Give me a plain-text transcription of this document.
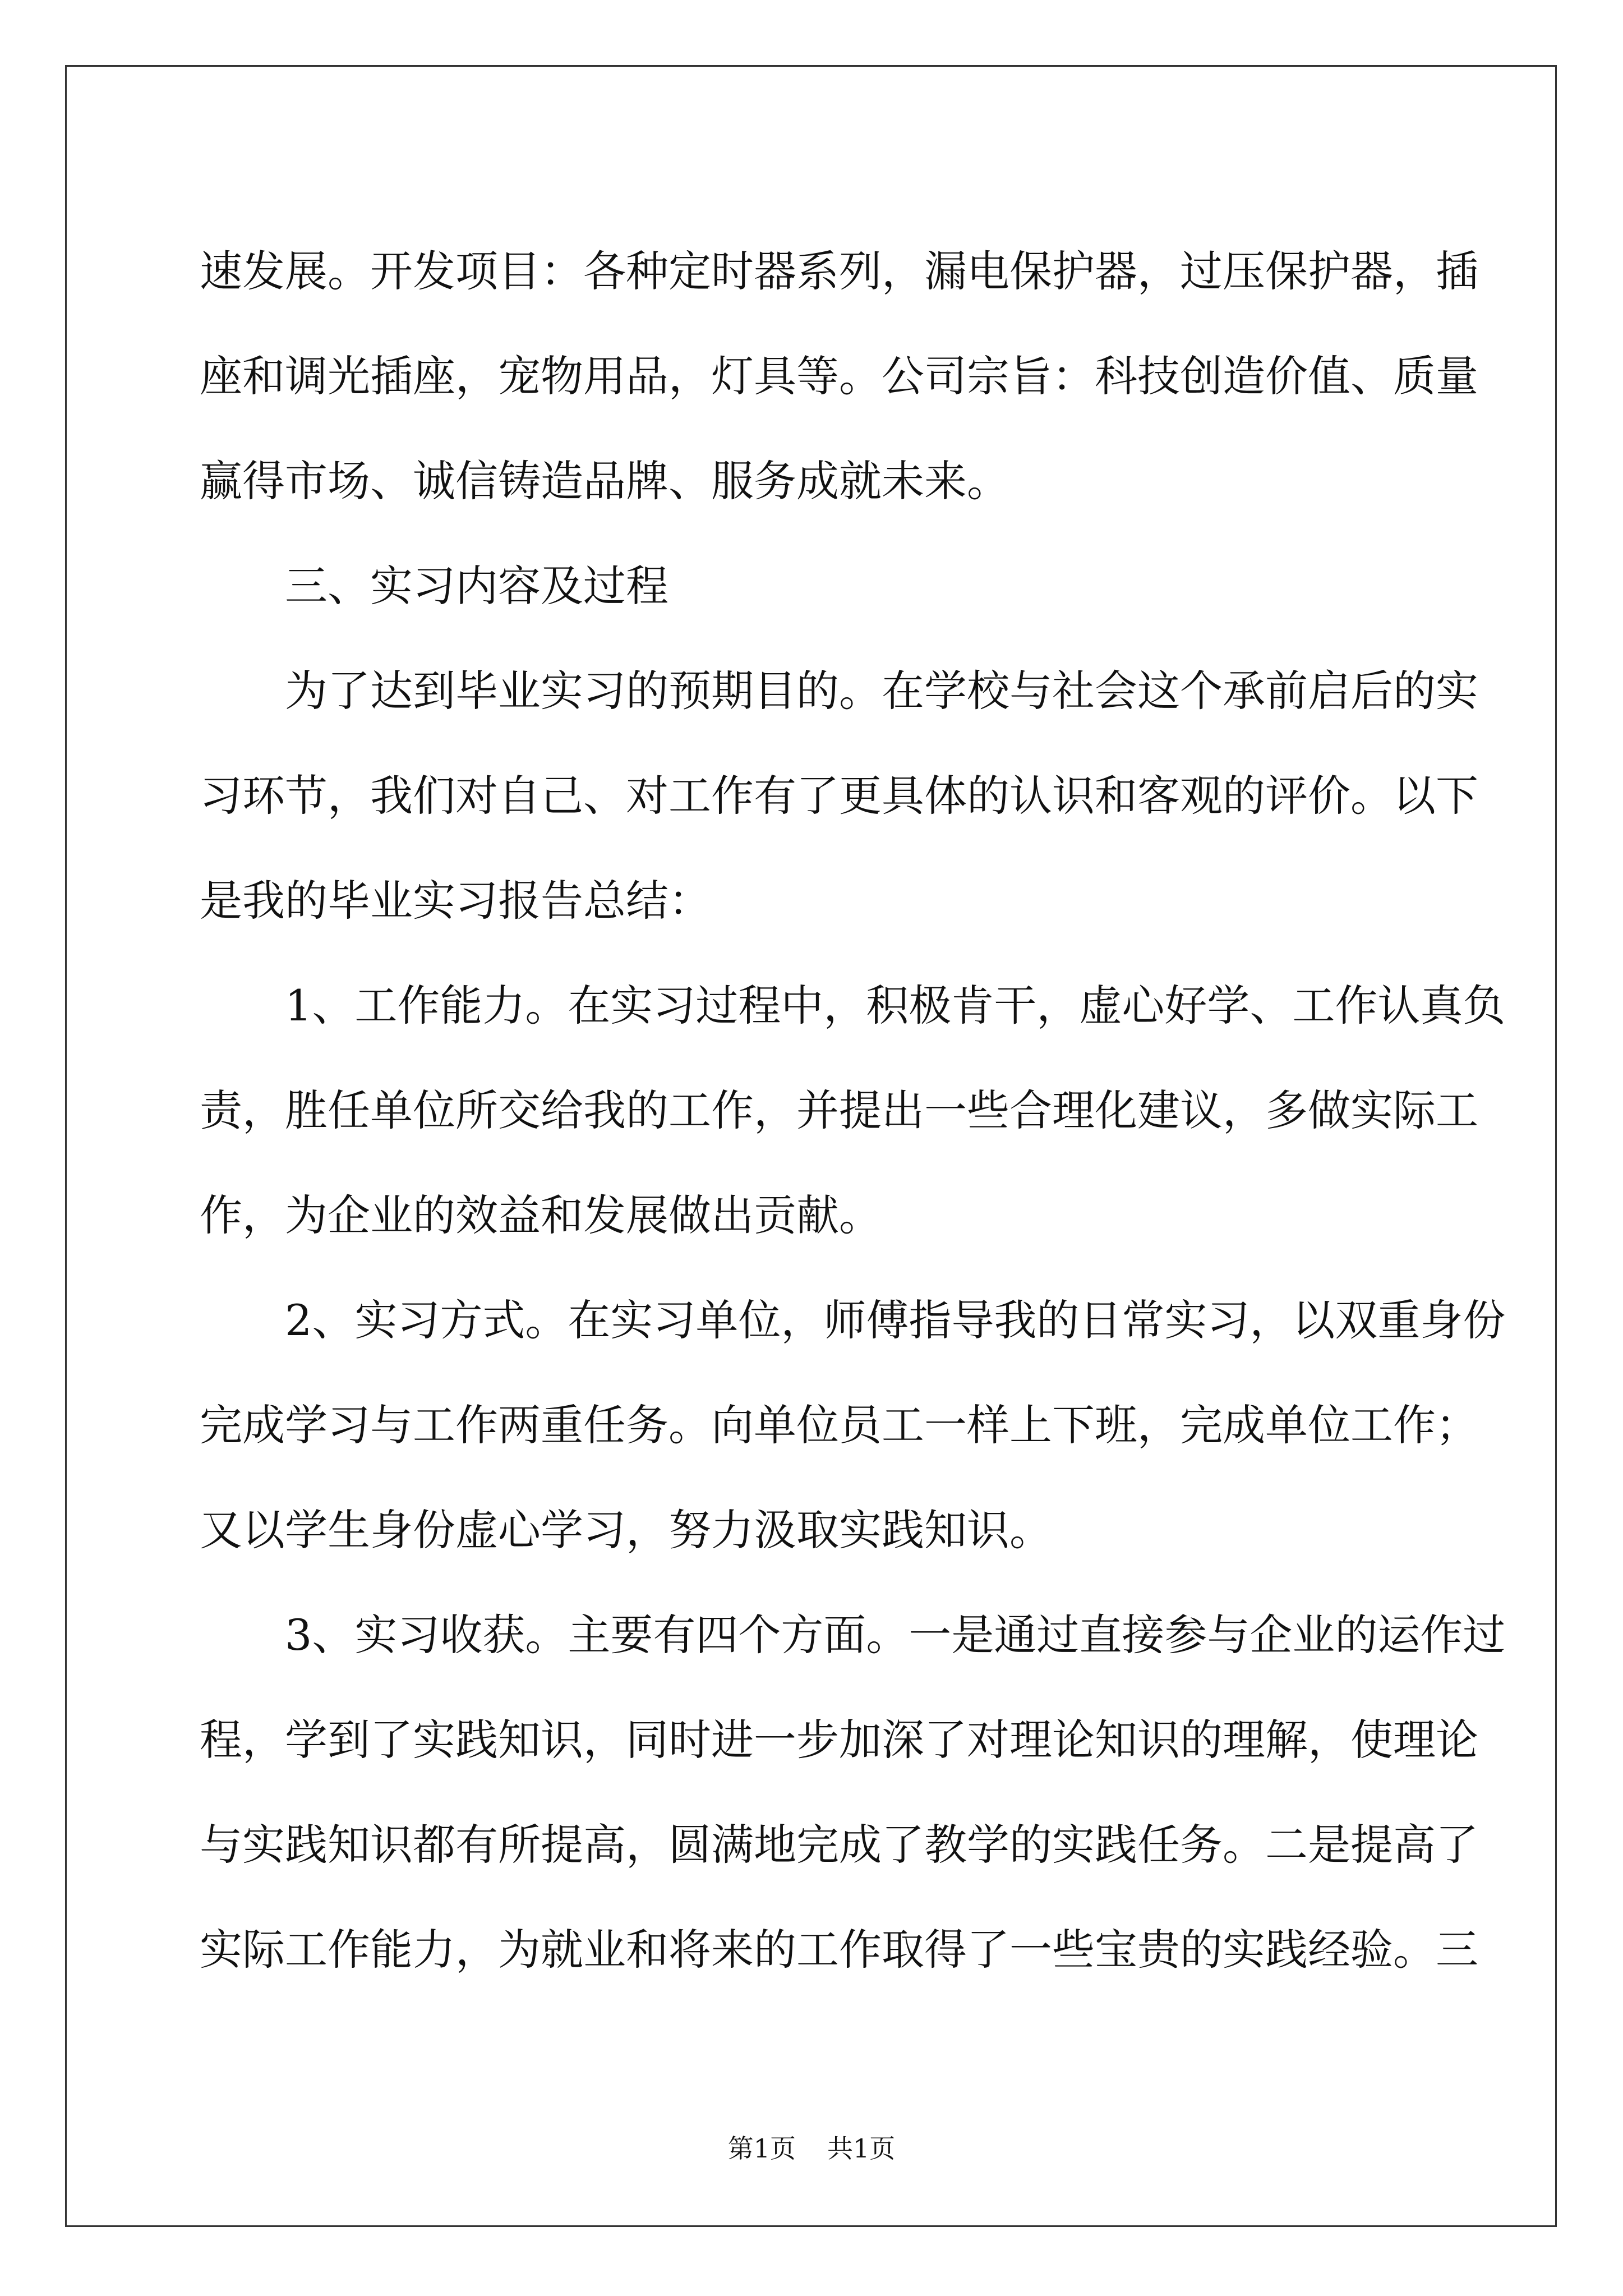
速发展。开发项目：各种定时器系列，漏电保护器，过压保护器，插
座和调光插座，宠物用品，灯具等。公司宗旨：科技创造价值、质量
赢得市场、诚信铸造品牌、服务成就未来。
　　三、实习内容及过程
　　为了达到毕业实习的预期目的。在学校与社会这个承前启后的实
习环节，我们对自己、对工作有了更具体的认识和客观的评价。以下
是我的毕业实习报告总结：
　　1、工作能力。在实习过程中，积极肯干，虚心好学、工作认真负
责，胜任单位所交给我的工作，并提出一些合理化建议，多做实际工
作，为企业的效益和发展做出贡献。
　　2、实习方式。在实习单位，师傅指导我的日常实习，以双重身份
完成学习与工作两重任务。向单位员工一样上下班，完成单位工作；
又以学生身份虚心学习，努力汲取实践知识。
　　3、实习收获。主要有四个方面。一是通过直接参与企业的运作过
程，学到了实践知识，同时进一步加深了对理论知识的理解，使理论
与实践知识都有所提高，圆满地完成了教学的实践任务。二是提高了
实际工作能力，为就业和将来的工作取得了一些宝贵的实践经验。三
第1页 共1页
